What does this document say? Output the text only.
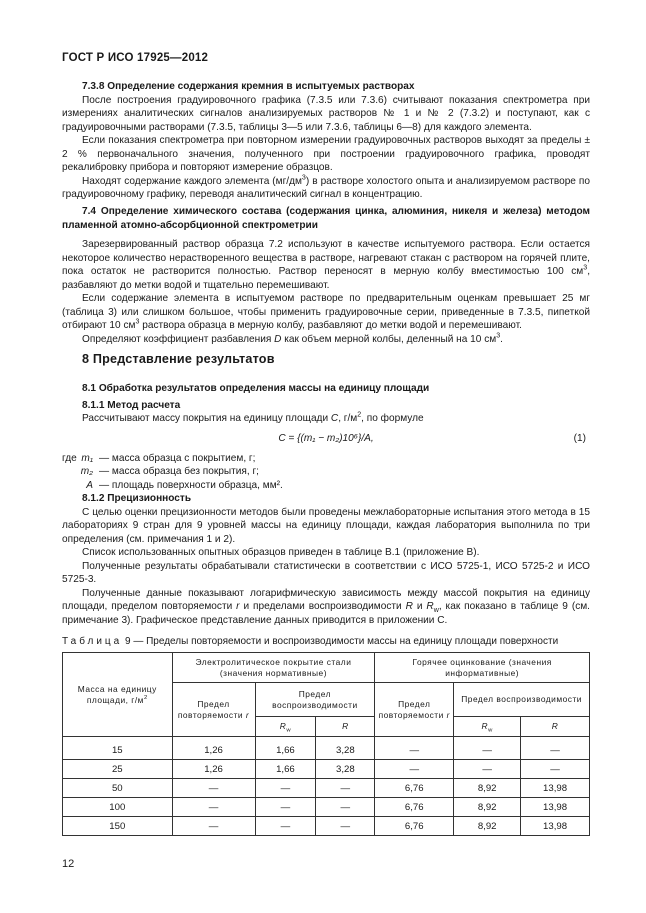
ГОСТ Р ИСО 17925—2012

7.3.8 Определение содержания кремния в испытуемых растворах

После построения градуировочного графика (7.3.5 или 7.3.6) считывают показания спектрометра при измерениях аналитических сигналов анализируемых растворов № 1 и № 2 (7.3.2) и поступают, как с градуировочными растворами (7.3.5, таблицы 3—5 или 7.3.6, таблицы 6—8) для каждого элемента.

Если показания спектрометра при повторном измерении градуировочных растворов выходят за пределы ± 2 % первоначального значения, полученного при построении градуировочного графика, проводят рекалибровку прибора и повторяют измерение образцов.

Находят содержание каждого элемента $(мг/дм^3)$ в растворе холостого опыта и анализируемом растворе по градуировочному графику, переводя аналитический сигнал в концентрацию.

7.4 Определение химического состава (содержания цинка, алюминия, никеля и железа) методом пламенной атомно-абсорбционной спектрометрии

Зарезервированный раствор образца 7.2 используют в качестве испытуемого раствора. Если остается некоторое количество нерастворенного вещества в растворе, нагревают стакан с раствором на горячей плите, пока остаток не растворится полностью. Раствор переносят в мерную колбу вместимостью 100 $см^3$, разбавляют до метки водой и тщательно перемешивают.

Если содержание элемента в испытуемом растворе по предварительным оценкам превышает 25 мг (таблица 3) или слишком большое, чтобы применить градуировочные серии, приведенные в 7.3.5, пипеткой отбирают 10 $см^3$ раствора образца в мерную колбу, разбавляют до метки водой и перемешивают.

Определяют коэффициент разбавления D как объем мерной колбы, деленный на 10 $см^3$.

8 Представление результатов

8.1 Обработка результатов определения массы на единицу площади

8.1.1 Метод расчета

Рассчитывают массу покрытия на единицу площади C, $г/м^2$, по формуле

C = {(m₁ − m₂)10⁶}/A,	(1)
где m₁ — масса образца с покрытием, г;
m₂ — масса образца без покрытия, г;
A — площадь поверхности образца, мм².

8.1.2 Прецизионность

С целью оценки прецизионности методов были проведены межлабораторные испытания этого метода в 15 лабораториях 9 стран для 9 уровней массы на единицу площади, каждая лаборатория выполнила по три определения (см. примечания 1 и 2).

Список использованных опытных образцов приведен в таблице В.1 (приложение В).

Полученные результаты обрабатывали статистически в соответствии с ИСО 5725-1, ИСО 5725-2 и ИСО 5725-3.

Полученные данные показывают логарифмическую зависимость между массой покрытия на единицу площади, пределом повторяемости r и пределами воспроизводимости R и $R_w$, как показано в таблице 9 (см. примечание 3). Графическое представление данных приводится в приложении С.

Таблица 9 — Пределы повторяемости и воспроизводимости массы на единицу площади поверхности
Масса на единицу площади, $г/м^2$	Электролитическое покрытие стали (значения нормативные)			Горячее оцинкование (значения информативные)		
	Предел повторяемости r	Предел воспроизводимости		Предел повторяемости r	Предел воспроизводимости	
		$R_w$	R		$R_w$	R
15	1,26	1,66	3,28	—	—	—
25	1,26	1,66	3,28	—	—	—
50	—	—	—	6,76	8,92	13,98
100	—	—	—	6,76	8,92	13,98
150	—	—	—	6,76	8,92	13,98
12
